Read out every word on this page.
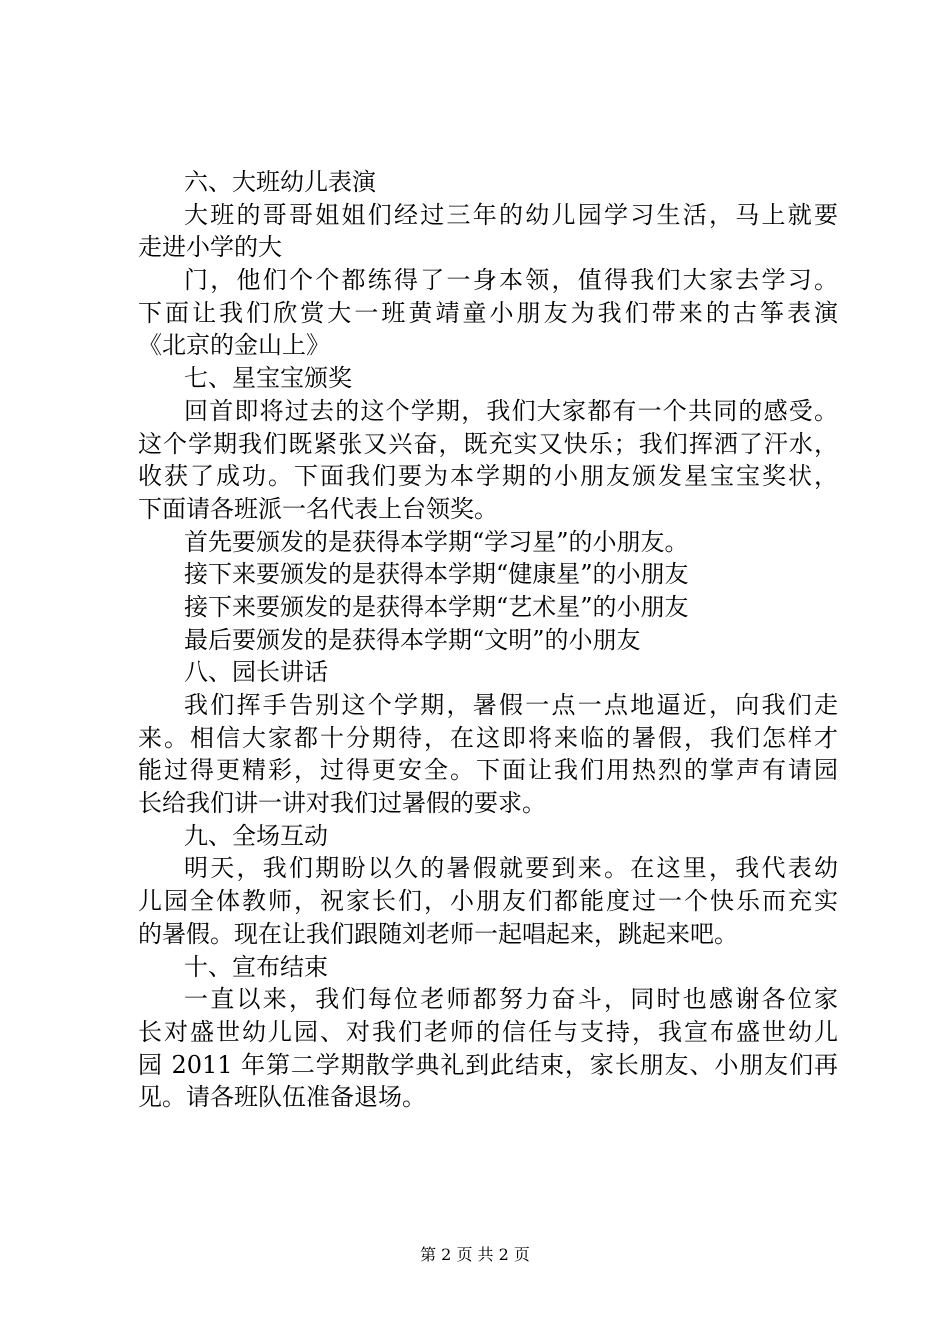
六、大班幼儿表演
大班的哥哥姐姐们经过三年的幼儿园学习生活，马上就要
走进小学的大
门，他们个个都练得了一身本领，值得我们大家去学习。
下面让我们欣赏大一班黄靖童小朋友为我们带来的古筝表演
《北京的金山上》
七、星宝宝颁奖
回首即将过去的这个学期，我们大家都有一个共同的感受。
这个学期我们既紧张又兴奋，既充实又快乐；我们挥洒了汗水，
收获了成功。下面我们要为本学期的小朋友颁发星宝宝奖状，
下面请各班派一名代表上台领奖。
首先要颁发的是获得本学期“学习星”的小朋友。
接下来要颁发的是获得本学期“健康星”的小朋友
接下来要颁发的是获得本学期“艺术星”的小朋友
最后要颁发的是获得本学期“文明”的小朋友
八、园长讲话
我们挥手告别这个学期，暑假一点一点地逼近，向我们走
来。相信大家都十分期待，在这即将来临的暑假，我们怎样才
能过得更精彩，过得更安全。下面让我们用热烈的掌声有请园
长给我们讲一讲对我们过暑假的要求。
九、全场互动
明天，我们期盼以久的暑假就要到来。在这里，我代表幼
儿园全体教师，祝家长们，小朋友们都能度过一个快乐而充实
的暑假。现在让我们跟随刘老师一起唱起来，跳起来吧。
十、宣布结束
一直以来，我们每位老师都努力奋斗，同时也感谢各位家
长对盛世幼儿园、对我们老师的信任与支持，我宣布盛世幼儿
园 2011 年第二学期散学典礼到此结束，家长朋友、小朋友们再
见。请各班队伍准备退场。
第 2 页 共 2 页
